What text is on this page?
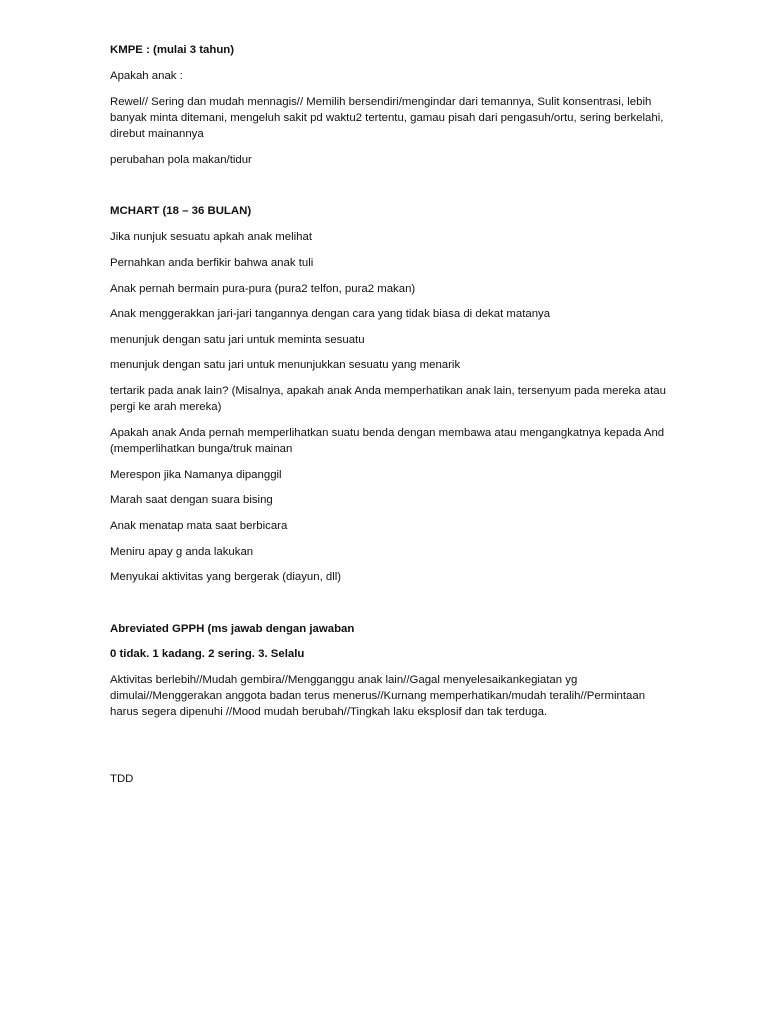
KMPE : (mulai 3 tahun)

Apakah anak :

Rewel// Sering dan mudah mennagis// Memilih bersendiri/mengindar dari temannya, Sulit konsentrasi, lebih banyak minta ditemani, mengeluh sakit pd waktu2 tertentu, gamau pisah dari pengasuh/ortu, sering berkelahi, direbut mainannya

perubahan pola makan/tidur

MCHART (18 – 36 BULAN)

Jika nunjuk sesuatu apkah anak melihat

Pernahkan anda berfikir bahwa anak tuli

Anak pernah bermain pura-pura (pura2 telfon, pura2 makan)

Anak menggerakkan jari-jari tangannya dengan cara yang tidak biasa di dekat matanya

menunjuk dengan satu jari untuk meminta sesuatu

menunjuk dengan satu jari untuk menunjukkan sesuatu yang menarik

tertarik pada anak lain? (Misalnya, apakah anak Anda memperhatikan anak lain, tersenyum pada mereka atau pergi ke arah mereka)

Apakah anak Anda pernah memperlihatkan suatu benda dengan membawa atau mengangkatnya kepada And (memperlihatkan bunga/truk mainan

Merespon jika Namanya dipanggil

Marah saat dengan suara bising

Anak menatap mata saat berbicara

Meniru apay g anda lakukan

Menyukai aktivitas yang bergerak (diayun, dll)

Abreviated GPPH (ms jawab dengan jawaban

0 tidak. 1 kadang. 2 sering. 3. Selalu

Aktivitas berlebih//Mudah gembira//Mengganggu anak lain//Gagal menyelesaikankegiatan yg dimulai//Menggerakan anggota badan terus menerus//Kurnang memperhatikan/mudah teralih//Permintaan harus segera dipenuhi //Mood mudah berubah//Tingkah laku eksplosif dan tak terduga.

TDD
